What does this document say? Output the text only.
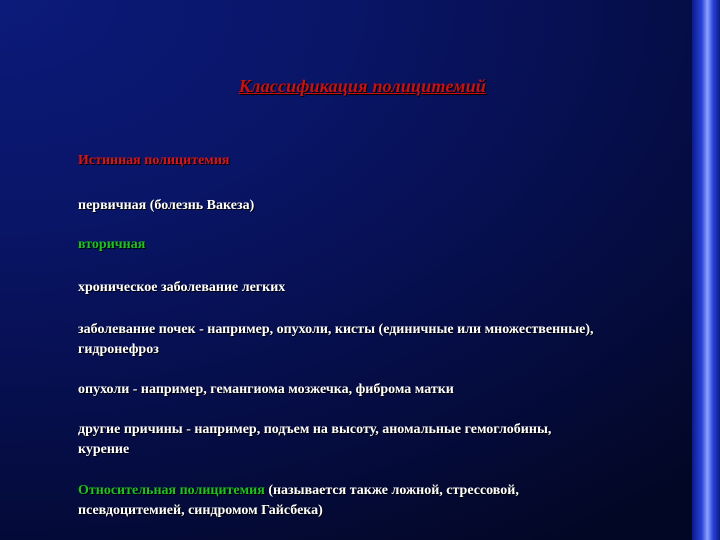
Классификация полицитемий
Истинная полицитемия
первичная (болезнь Вакеза)
вторичная
хроническое заболевание легких
заболевание почек - например, опухоли, кисты (единичные или множественные), гидронефроз
опухоли - например, гемангиома мозжечка, фиброма матки
другие причины - например, подъем на высоту, аномальные гемоглобины, курение
Относительная полицитемия (называется также ложной, стрессовой, псевдоцитемией, синдромом Гайсбека)
